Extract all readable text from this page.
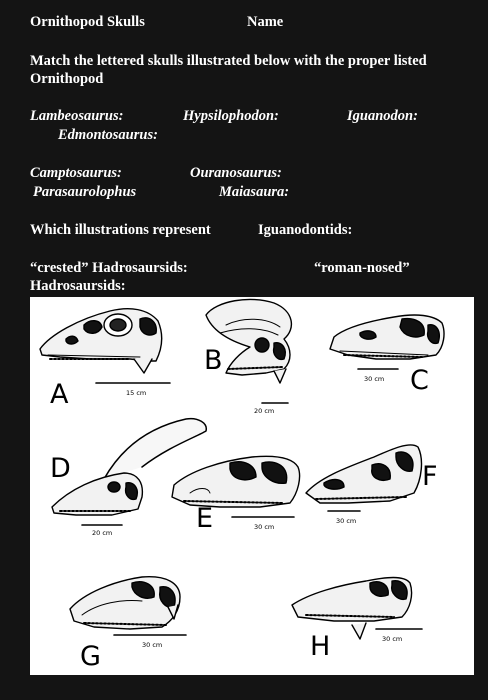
Ornithopod Skulls	Name
Match the lettered skulls illustrated below with the proper listed Ornithopod
Lambeosaurus:	Hypsilophodon:	Iguanodon:
Edmontosaurus:
Camptosaurus:	Ouranosaurus:
Parasaurolophus	Maiasaura:
Which illustrations represent	Iguanodontids:
“crested” Hadrosaursids:	“roman-nosed”
Hadrosaursids:
A
B
C
D
E
F
G	H
15 cm
20 cm
30 cm
20 cm
30 cm
30 cm
30 cm
30 cm
